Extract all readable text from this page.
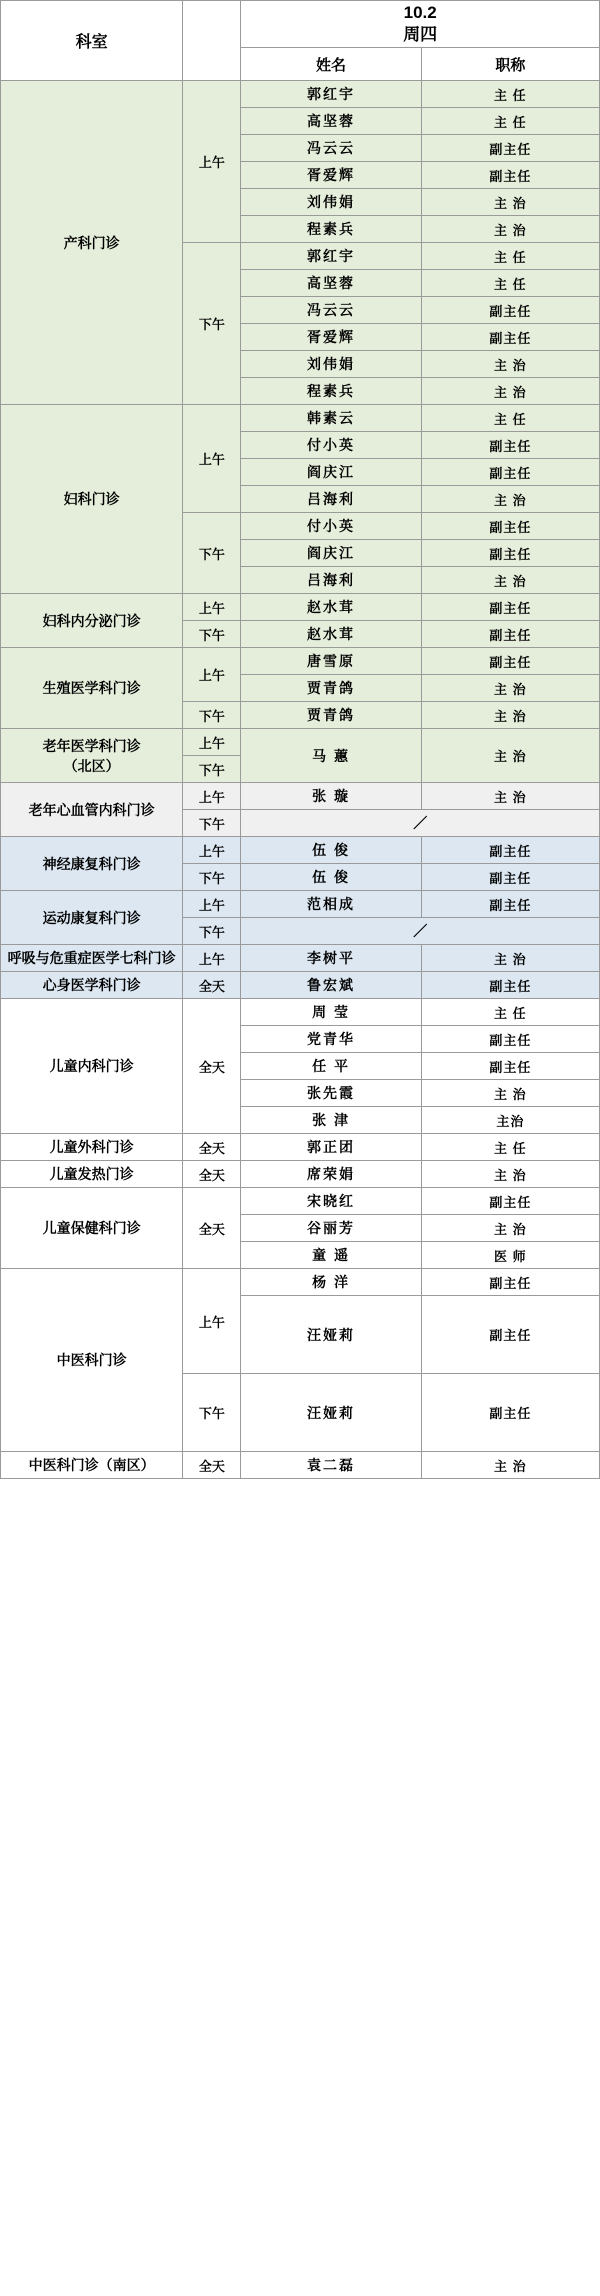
科室		10.2
周四	

		姓名	职称

产科门诊	上午	郭红宇	主 任
		高坚蓉	主 任
		冯云云	副主任
		胥爱辉	副主任
		刘伟娟	主 治
		程素兵	主 治
	下午	郭红宇	主 任
		高坚蓉	主 任
		冯云云	副主任
		胥爱辉	副主任
		刘伟娟	主 治
		程素兵	主 治

妇科门诊	上午	韩素云	主 任
		付小英	副主任
		阎庆江	副主任
		吕海利	主 治
	下午	付小英	副主任
		阎庆江	副主任
		吕海利	主 治

妇科内分泌门诊	上午	赵水茸	副主任
	下午	赵水茸	副主任

生殖医学科门诊	上午	唐雪原	副主任
		贾青鸽	主 治
	下午	贾青鸽	主 治

老年医学科门诊
（北区）	上午	马 蕙	主 治
	下午		

老年心血管内科门诊	上午	张 璇	主 治
	下午	／	

神经康复科门诊	上午	伍 俊	副主任
	下午	伍 俊	副主任

运动康复科门诊	上午	范相成	副主任
	下午	／	

呼吸与危重症医学七科门诊	上午	李树平	主 治

心身医学科门诊	全天	鲁宏斌	副主任

儿童内科门诊	全天	周 莹	主 任
		党青华	副主任
		任 平	副主任
		张先霞	主 治
		张 津	主治

儿童外科门诊	全天	郭正团	主 任

儿童发热门诊	全天	席荣娟	主 治

儿童保健科门诊	全天	宋晓红	副主任
		谷丽芳	主 治
		童 遥	医 师

中医科门诊	上午	杨 洋	副主任
		汪娅莉	副主任
	下午	汪娅莉	副主任

中医科门诊（南区）	全天	袁二磊	主 治
